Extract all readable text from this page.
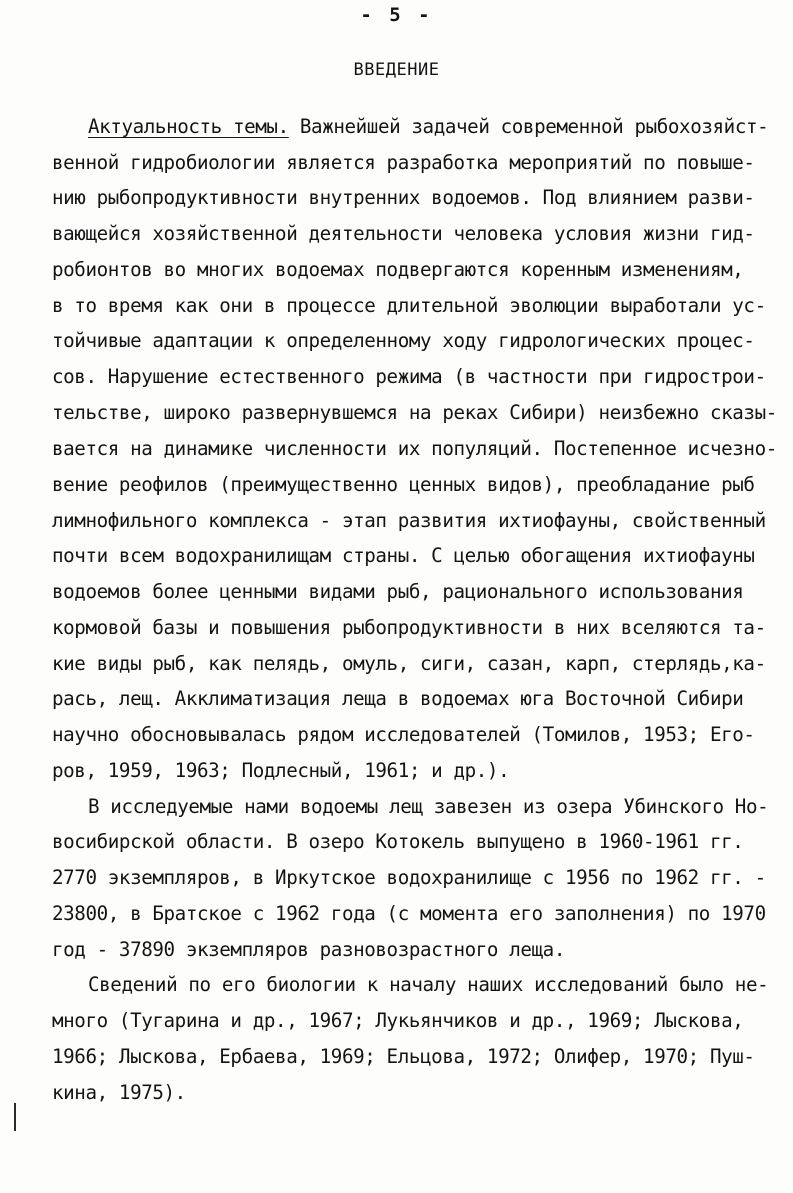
- 5 -
ВВЕДЕНИЕ
Актуальность темы. Важнейшей задачей современной рыбохозяйст-
венной гидробиологии является разработка мероприятий по повыше-
нию рыбопродуктивности внутренних водоемов. Под влиянием разви-
вающейся хозяйственной деятельности человека условия жизни гид-
робионтов во многих водоемах подвергаются коренным изменениям,
в то время как они в процессе длительной эволюции выработали ус-
тойчивые адаптации к определенному ходу гидрологических процес-
сов. Нарушение естественного режима (в частности при гидрострои-
тельстве, широко развернувшемся на реках Сибири) неизбежно сказы-
вается на динамике численности их популяций. Постепенное исчезно-
вение реофилов (преимущественно ценных видов), преобладание рыб
лимнофильного комплекса - этап развития ихтиофауны, свойственный
почти всем водохранилищам страны. С целью обогащения ихтиофауны
водоемов более ценными видами рыб, рационального использования
кормовой базы и повышения рыбопродуктивности в них вселяются та-
кие виды рыб, как пелядь, омуль, сиги, сазан, карп, стерлядь,ка-
рась, лещ. Акклиматизация леща в водоемах юга Восточной Сибири
научно обосновывалась рядом исследователей (Томилов, 1953; Его-
ров, 1959, 1963; Подлесный, 1961; и др.).
В исследуемые нами водоемы лещ завезен из озера Убинского Но-
восибирской области. В озеро Котокель выпущено в 1960-1961 гг.
2770 экземпляров, в Иркутское водохранилище с 1956 по 1962 гг. -
23800, в Братское с 1962 года (с момента его заполнения) по 1970
год - 37890 экземпляров разновозрастного леща.
Сведений по его биологии к началу наших исследований было не-
много (Тугарина и др., 1967; Лукьянчиков и др., 1969; Лыскова,
1966; Лыскова, Ербаева, 1969; Ельцова, 1972; Олифер, 1970; Пуш-
кина, 1975).
